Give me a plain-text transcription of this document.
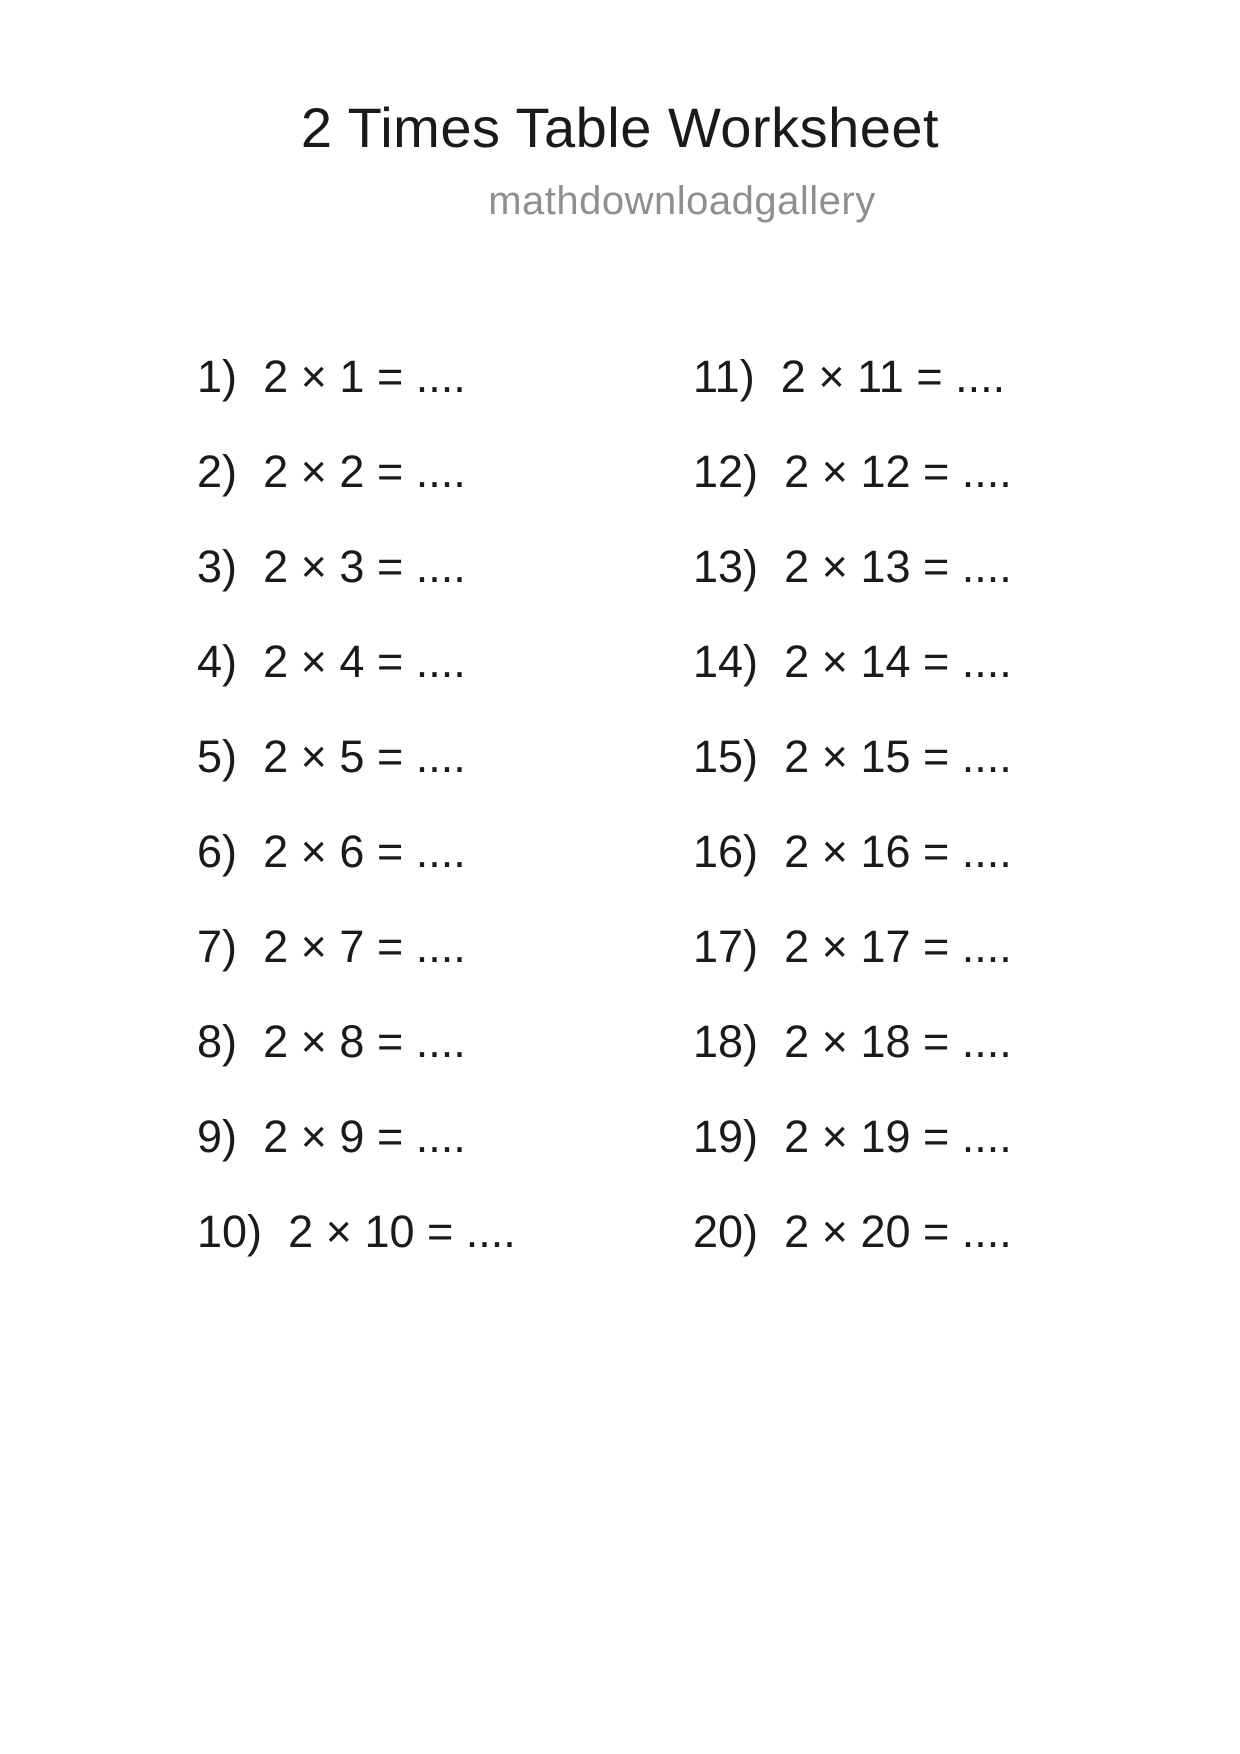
2 Times Table Worksheet
mathdownloadgallery
1) 2 × 1 = ....
2) 2 × 2 = ....
3) 2 × 3 = ....
4) 2 × 4 = ....
5) 2 × 5 = ....
6) 2 × 6 = ....
7) 2 × 7 = ....
8) 2 × 8 = ....
9) 2 × 9 = ....
10) 2 × 10 = ....
11) 2 × 11 = ....
12) 2 × 12 = ....
13) 2 × 13 = ....
14) 2 × 14 = ....
15) 2 × 15 = ....
16) 2 × 16 = ....
17) 2 × 17 = ....
18) 2 × 18 = ....
19) 2 × 19 = ....
20) 2 × 20 = ....
